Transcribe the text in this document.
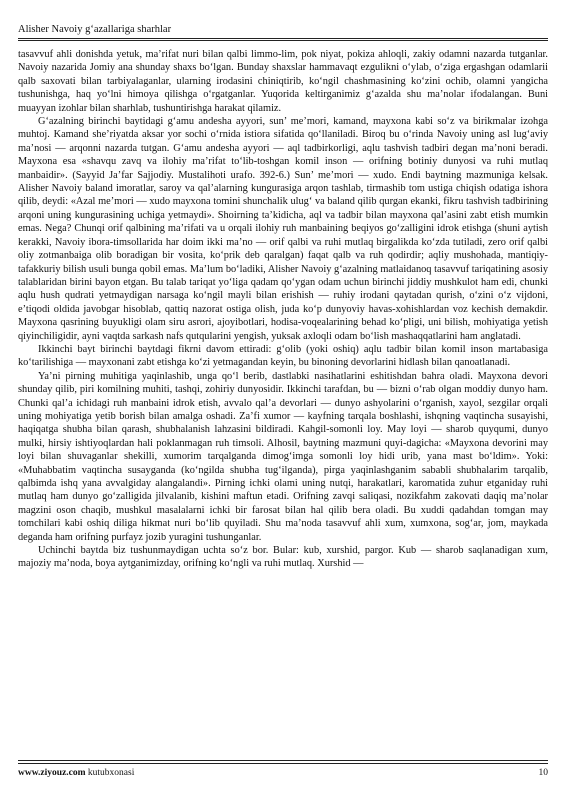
Alisher Navoiy g‘azallariga sharhlar

tasavvuf ahli donishda yetuk, ma’rifat nuri bilan qalbi limmo-lim, pok niyat, pokiza ahloqli, zakiy odamni nazarda tutganlar. Navoiy nazarida Jomiy ana shunday shaxs bo‘lgan. Bunday shaxslar hammavaqt ezgulikni o‘ylab, o‘ziga ergashgan odamlarii qalb saxovati bilan tarbiyalaganlar, ularning irodasini chiniqtirib, ko‘ngil chashmasining ko‘zini ochib, olamni yangicha tushunishga, haq yo‘lni himoya qilishga o‘rgatganlar. Yuqorida keltirganimiz g‘azalda shu ma’nolar ifodalangan. Buni muayyan izohlar bilan sharhlab, tushuntirishga harakat qilamiz.

G‘azalning birinchi baytidagi g‘amu andesha ayyori, sun’ me’mori, kamand, mayxona kabi so‘z va birikmalar izohga muhtoj. Kamand she’riyatda aksar yor sochi o‘rnida istiora sifatida qo‘llaniladi. Biroq bu o‘rinda Navoiy uning asl lug‘aviy ma’nosi — arqonni nazarda tutgan. G‘amu andesha ayyori — aql tadbirkorligi, aqlu tashvish tadbiri degan ma’noni beradi. Mayxona esa «shavqu zavq va ilohiy ma’rifat to‘lib-toshgan komil inson — orifning botiniy dunyosi va ruhi mutlaq manbaidir». (Sayyid Ja’far Sajjodiy. Mustalihoti urafo. 392-6.) Sun’ me’mori — xudo. Endi baytning mazmuniga kelsak. Alisher Navoiy baland imoratlar, saroy va qal’alarning kungurasiga arqon tashlab, tirmashib tom ustiga chiqish odatiga ishora qilib, deydi: «Azal me’mori — xudo mayxona tomini shunchalik ulug‘ va baland qilib qurgan ekanki, fikru tashvish tadbirining arqoni uning kungurasining uchiga yetmaydi». Shoirning ta’kidicha, aql va tadbir bilan mayxona qal’asini zabt etish mumkin emas. Nega? Chunqi orif qalbining ma’rifati va u orqali ilohiy ruh manbaining beqiyos go‘zalligini idrok etishga (shuni aytish kerakki, Navoiy ibora-timsollarida har doim ikki ma’no — orif qalbi va ruhi mutlaq birgalikda ko‘zda tutiladi, zero orif qalbi oliy zotmanbaiga olib boradigan bir vosita, ko‘prik deb qaralgan) faqat qalb va ruh qodirdir; aqliy mushohada, mantiqiy-tafakkuriy bilish usuli bunga qobil emas. Ma’lum bo‘ladiki, Alisher Navoiy g‘azalning matlaidanoq tasavvuf tariqatining asosiy talablaridan birini bayon etgan. Bu talab tariqat yo‘liga qadam qo‘ygan odam uchun birinchi jiddiy mushkulot ham edi, chunki aqlu hush qudrati yetmaydigan narsaga ko‘ngil mayli bilan erishish — ruhiy irodani qaytadan qurish, o‘zini o‘z vijdoni, e’tiqodi oldida javobgar hisoblab, qattiq nazorat ostiga olish, juda ko‘p dunyoviy havas-xohishlardan voz kechish demakdir. Mayxona qasrining buyukligi olam siru asrori, ajoyibotlari, hodisa-voqealarining behad ko‘pligi, uni bilish, mohiyatiga yetish qiyinchiligidir, ayni vaqtda sarkash nafs qutqularini yengish, yuksak axloqli odam bo‘lish mashaqqatlarini ham anglatadi.

Ikkinchi bayt birinchi baytdagi fikrni davom ettiradi: g‘olib (yoki oshiq) aqlu tadbir bilan komil inson martabasiga ko‘tarilishiga — mayxonani zabt etishga ko‘zi yetmagandan keyin, bu binoning devorlarini hidlash bilan qanoatlanadi.

Ya’ni pirning muhitiga yaqinlashib, unga qo‘l berib, dastlabki nasihatlarini eshitishdan bahra oladi. Mayxona devori shunday qilib, piri komilning muhiti, tashqi, zohiriy dunyosidir. Ikkinchi tarafdan, bu — bizni o‘rab olgan moddiy dunyo ham. Chunki qal’a ichidagi ruh manbaini idrok etish, avvalo qal’a devorlari — dunyo ashyolarini o‘rganish, xayol, sezgilar orqali uning mohiyatiga yetib borish bilan amalga oshadi. Za’fi xumor — kayfning tarqala boshlashi, ishqning vaqtincha susayishi, haqiqatga shubha bilan qarash, shubhalanish lahzasini bildiradi. Kahgil-somonli loy. May loyi — sharob quyqumi, dunyo mulki, hirsiy ishtiyoqlardan hali poklanmagan ruh timsoli. Alhosil, baytning mazmuni quyi-dagicha: «Mayxona devorini may loyi bilan shuvaganlar shekilli, xumorim tarqalganda dimog‘imga somonli loy hidi urib, yana mast bo‘ldim». Yoki: «Muhabbatim vaqtincha susayganda (ko‘ngilda shubha tug‘ilganda), pirga yaqinlashganim sababli shubhalarim tarqalib, qalbimda ishq yana avvalgiday alangalandi». Pirning ichki olami uning nutqi, harakatlari, karomatida zuhur etganiday ruhi mutlaq ham dunyo go‘zalligida jilvalanib, kishini maftun etadi. Orifning zavqi saliqasi, nozikfahm zakovati daqiq ma’nolar magzini oson chaqib, mushkul masalalarni ichki bir farosat bilan hal qilib bera oladi. Bu xuddi qadahdan tomgan may tomchilari kabi oshiq diliga hikmat nuri bo‘lib quyiladi. Shu ma’noda tasavvuf ahli xum, xumxona, sog‘ar, jom, maykada deganda ham orifning purfayz jozib yuragini tushunganlar.

Uchinchi baytda biz tushunmaydigan uchta so‘z bor. Bular: kub, xurshid, pargor. Kub — sharob saqlanadigan xum, majoziy ma’noda, boya aytganimizday, orifning ko‘ngli va ruhi mutlaq. Xurshid —

www.ziyouz.com kutubxonasi	10
